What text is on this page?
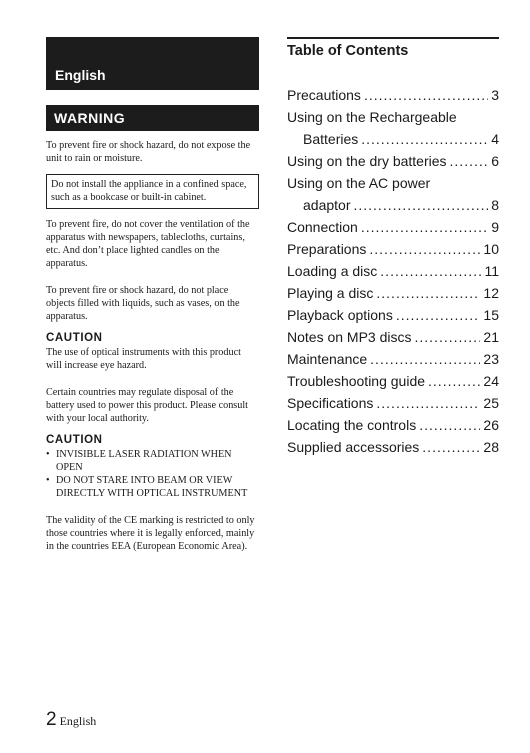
English
WARNING

To prevent fire or shock hazard, do not expose the unit to rain or moisture.

Do not install the appliance in a confined space, such as a bookcase or built-in cabinet.

To prevent fire, do not cover the ventilation of the apparatus with newspapers, tablecloths, curtains, etc. And don’t place lighted candles on the apparatus.

To prevent fire or shock hazard, do not place objects filled with liquids, such as vases, on the apparatus.

CAUTION

The use of optical instruments with this product will increase eye hazard.

Certain countries may regulate disposal of the battery used to power this product. Please consult with your local authority.

CAUTION
• INVISIBLE LASER RADIATION WHEN OPEN
• DO NOT STARE INTO BEAM OR VIEW DIRECTLY WITH OPTICAL INSTRUMENT

The validity of the CE marking is restricted to only those countries where it is legally enforced, mainly in the countries EEA (European Economic Area).

Table of Contents
Precautions .....	3
Using on the Rechargeable
Batteries .....	4
Using on the dry batteries .....	6
Using on the AC power
adaptor .....	8
Connection .....	9
Preparations .....	10
Loading a disc .....	11
Playing a disc .....	12
Playback options .....	15
Notes on MP3 discs .....	21
Maintenance .....	23
Troubleshooting guide .....	24
Specifications .....	25
Locating the controls .....	26
Supplied accessories .....	28
2 English
